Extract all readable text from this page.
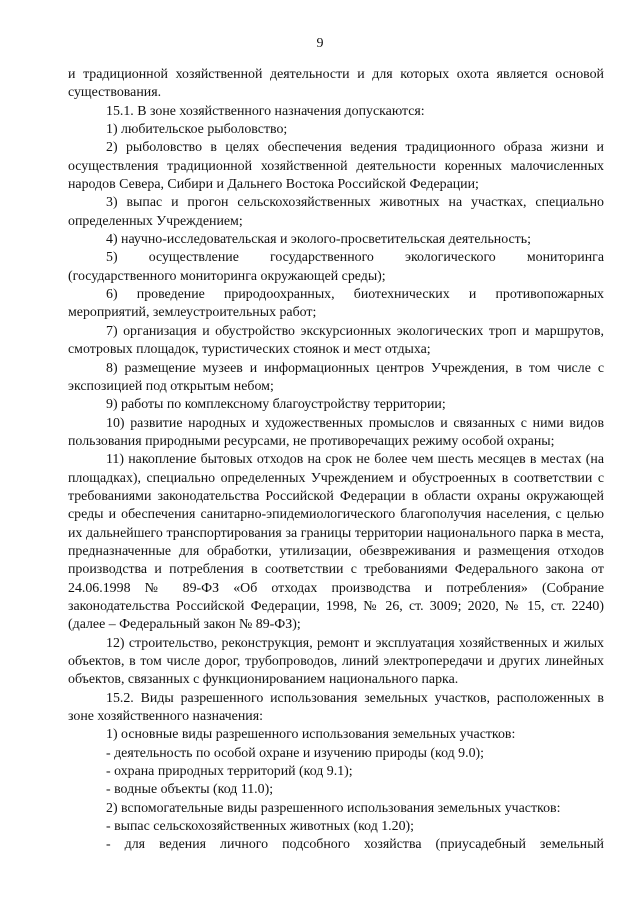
9

и традиционной хозяйственной деятельности и для которых охота является основой существования.

15.1. В зоне хозяйственного назначения допускаются:

1) любительское рыболовство;

2) рыболовство в целях обеспечения ведения традиционного образа жизни и осуществления традиционной хозяйственной деятельности коренных малочисленных народов Севера, Сибири и Дальнего Востока Российской Федерации;

3) выпас и прогон сельскохозяйственных животных на участках, специально определенных Учреждением;

4) научно-исследовательская и эколого-просветительская деятельность;

5) осуществление государственного экологического мониторинга (государственного мониторинга окружающей среды);

6) проведение природоохранных, биотехнических и противопожарных мероприятий, землеустроительных работ;

7) организация и обустройство экскурсионных экологических троп и маршрутов, смотровых площадок, туристических стоянок и мест отдыха;

8) размещение музеев и информационных центров Учреждения, в том числе с экспозицией под открытым небом;

9) работы по комплексному благоустройству территории;

10) развитие народных и художественных промыслов и связанных с ними видов пользования природными ресурсами, не противоречащих режиму особой охраны;

11) накопление бытовых отходов на срок не более чем шесть месяцев в местах (на площадках), специально определенных Учреждением и обустроенных в соответствии с требованиями законодательства Российской Федерации в области охраны окружающей среды и обеспечения санитарно-эпидемиологического благополучия населения, с целью их дальнейшего транспортирования за границы территории национального парка в места, предназначенные для обработки, утилизации, обезвреживания и размещения отходов производства и потребления в соответствии с требованиями Федерального закона от 24.06.1998 № 89-ФЗ «Об отходах производства и потребления» (Собрание законодательства Российской Федерации, 1998, № 26, ст. 3009; 2020, № 15, ст. 2240) (далее – Федеральный закон № 89-ФЗ);

12) строительство, реконструкция, ремонт и эксплуатация хозяйственных и жилых объектов, в том числе дорог, трубопроводов, линий электропередачи и других линейных объектов, связанных с функционированием национального парка.

15.2. Виды разрешенного использования земельных участков, расположенных в зоне хозяйственного назначения:

1) основные виды разрешенного использования земельных участков:

- деятельность по особой охране и изучению природы (код 9.0);

- охрана природных территорий (код 9.1);

- водные объекты (код 11.0);

2) вспомогательные виды разрешенного использования земельных участков:

- выпас сельскохозяйственных животных (код 1.20);

- для ведения личного подсобного хозяйства (приусадебный земельный
